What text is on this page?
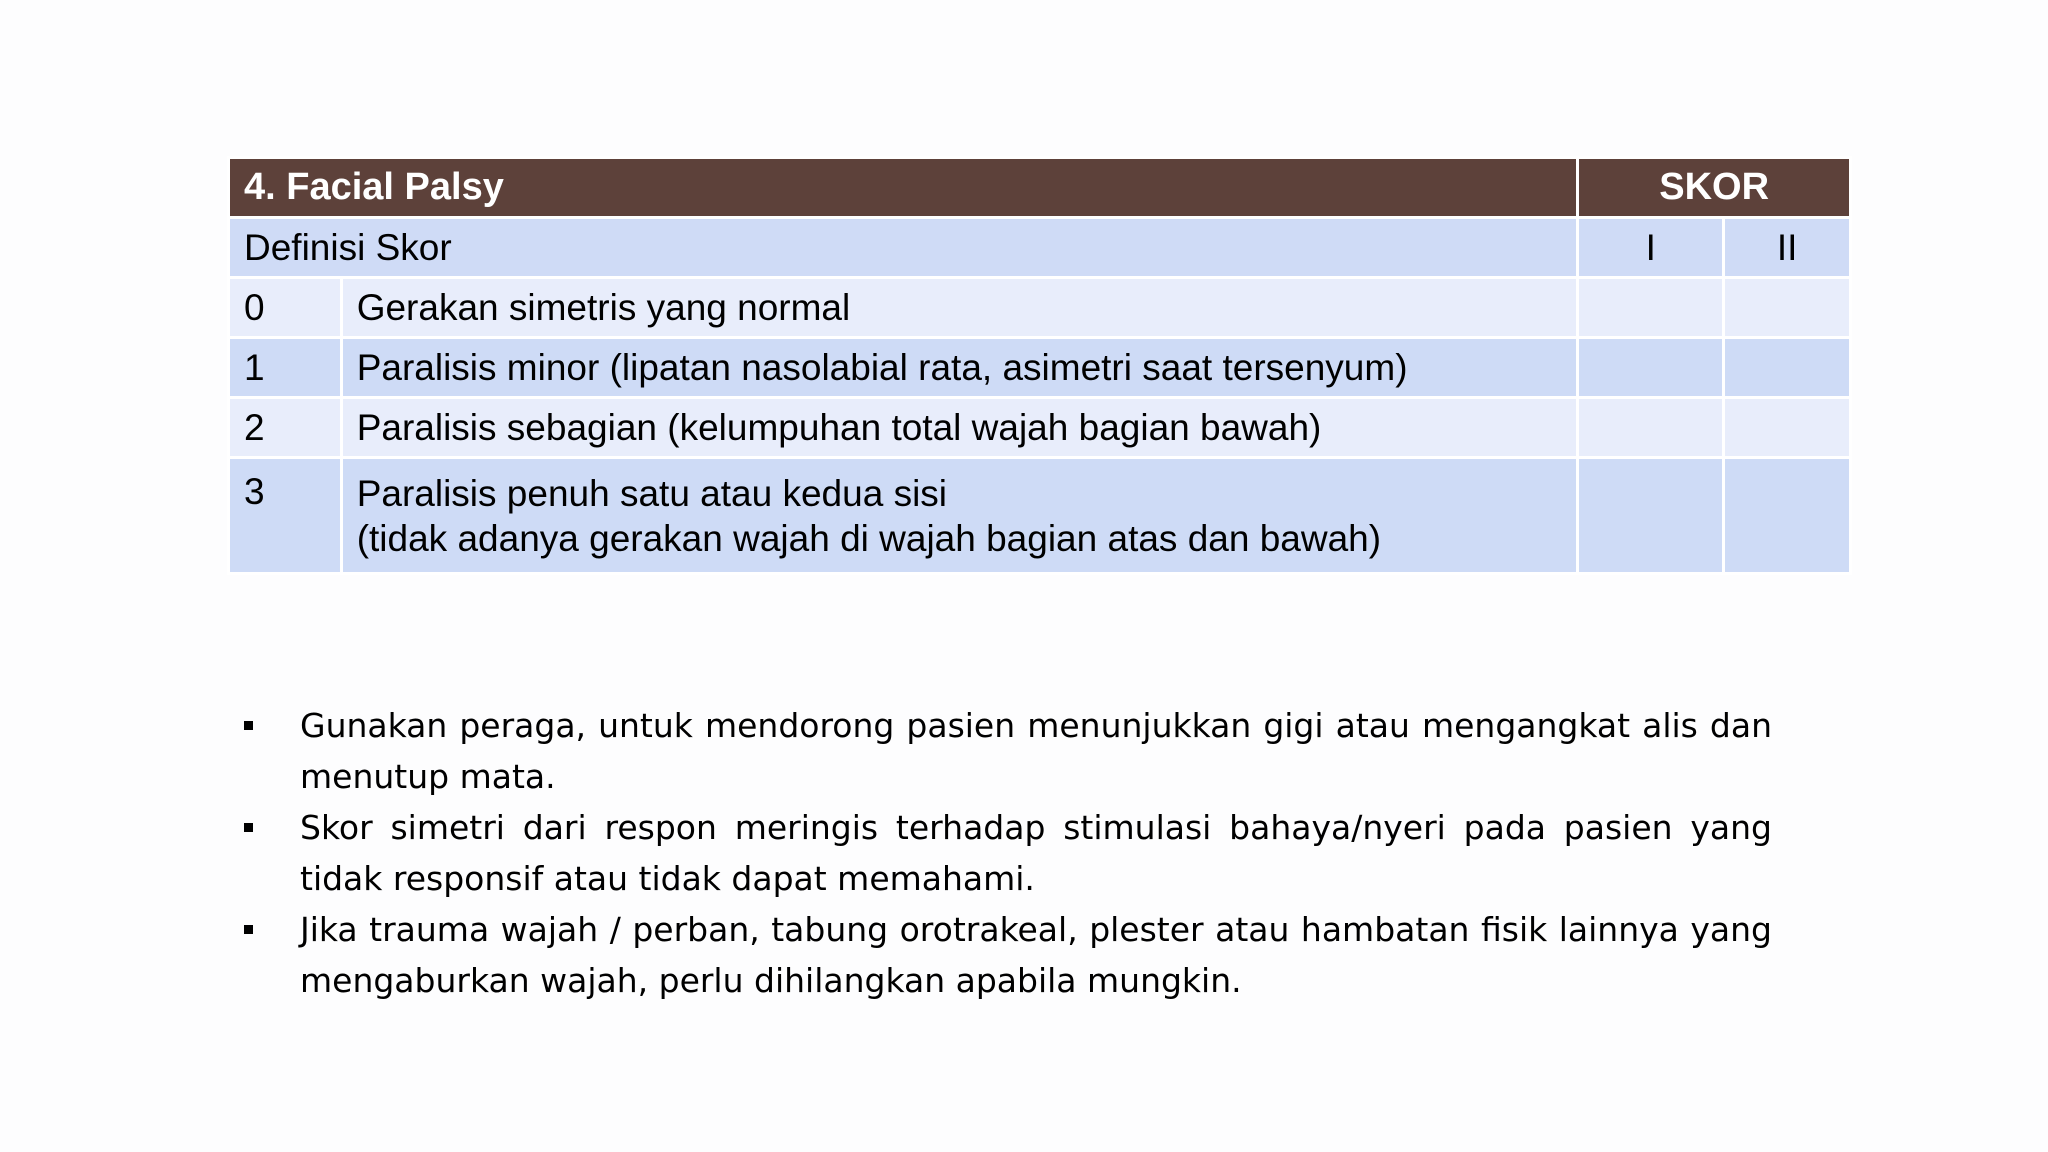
4. Facial Palsy		SKOR	
Definisi Skor		I	II
0	Gerakan simetris yang normal		
1	Paralisis minor (lipatan nasolabial rata, asimetri saat tersenyum)		
2	Paralisis sebagian (kelumpuhan total wajah bagian bawah)		
3	Paralisis penuh satu atau kedua sisi
(tidak adanya gerakan wajah di wajah bagian atas dan bawah)		

Gunakan peraga, untuk mendorong pasien menunjukkan gigi atau mengangkat alis dan menutup mata.
Skor simetri dari respon meringis terhadap stimulasi bahaya/nyeri pada pasien yang tidak responsif atau tidak dapat memahami.
Jika trauma wajah / perban, tabung orotrakeal, plester atau hambatan fisik lainnya yang mengaburkan wajah, perlu dihilangkan apabila mungkin.
